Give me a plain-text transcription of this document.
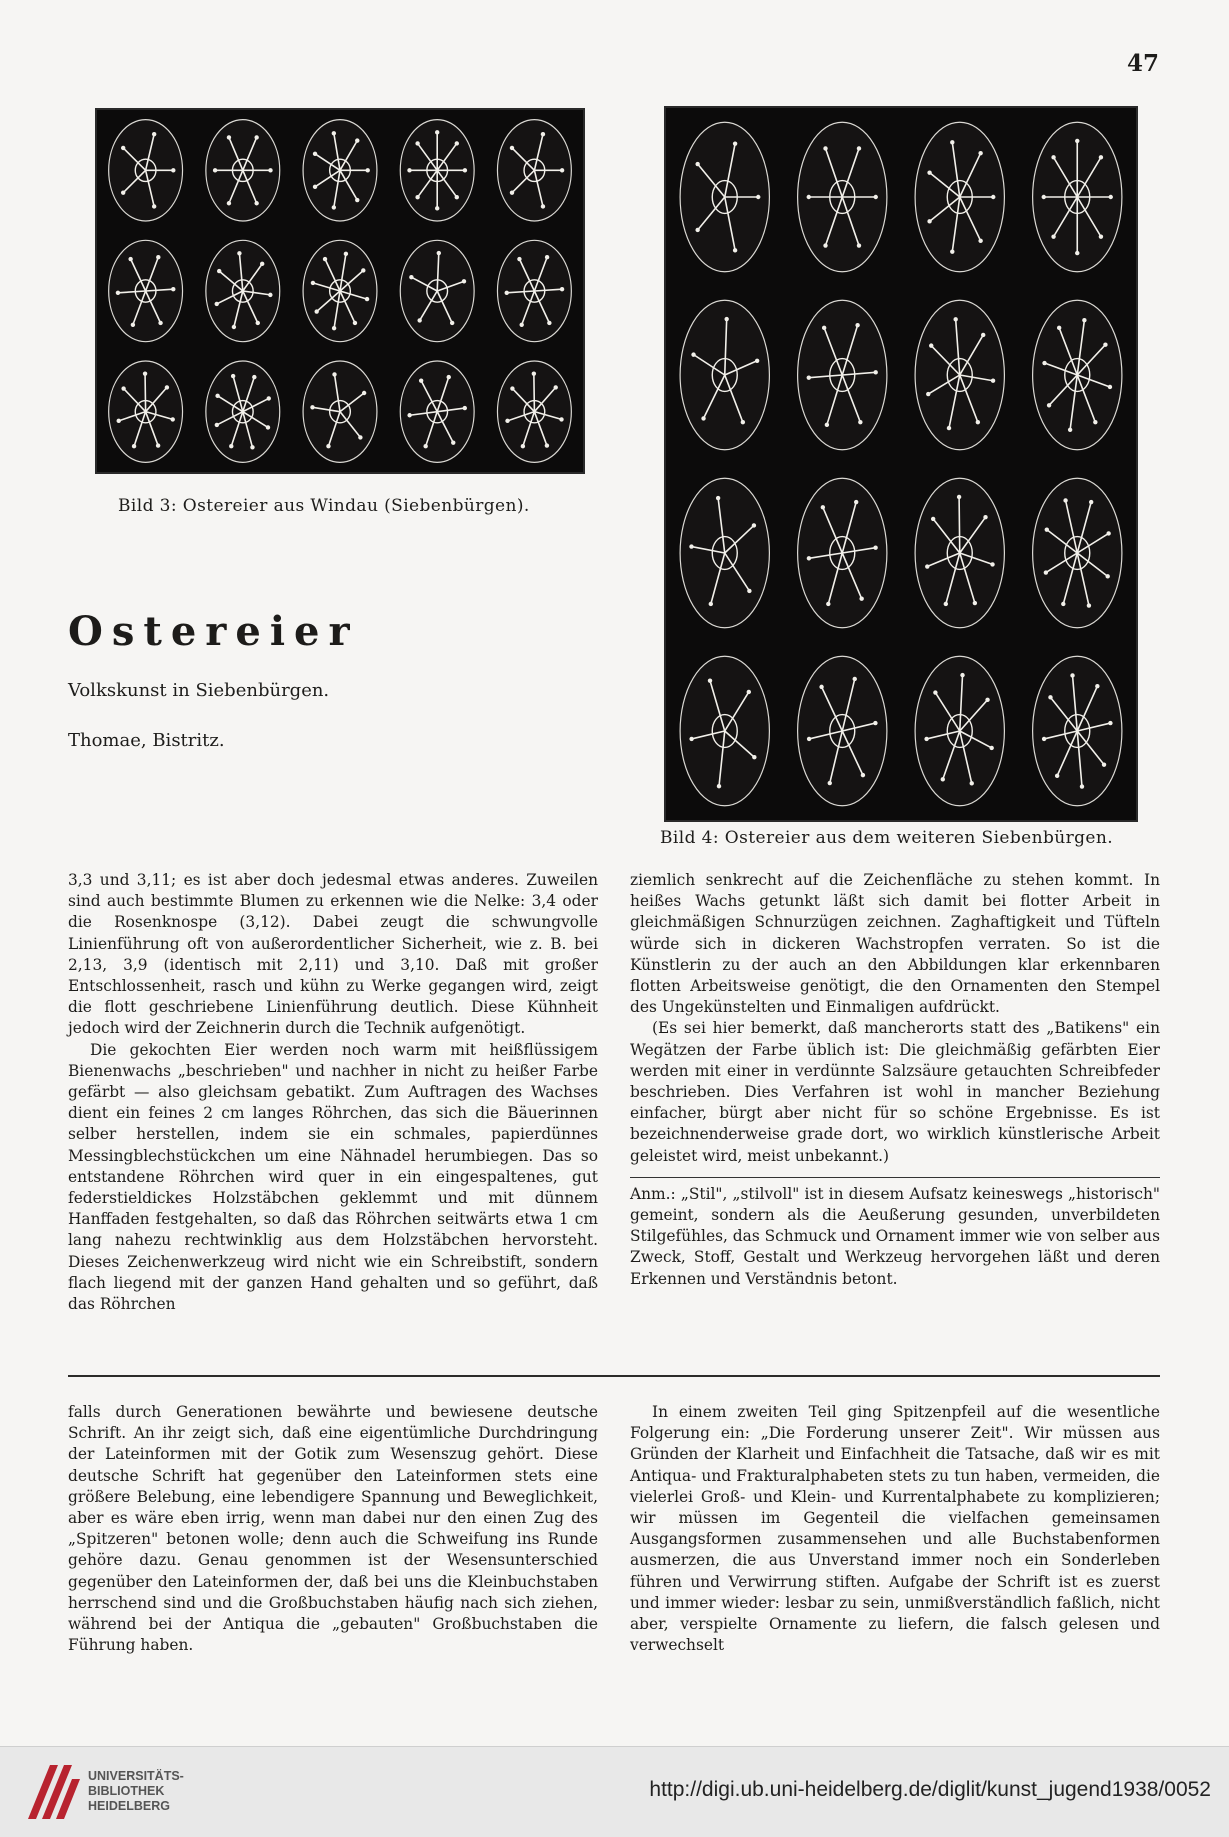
47
Bild 3: Ostereier aus Windau (Siebenbürgen).
Bild 4: Ostereier aus dem weiteren Siebenbürgen.
Ostereier
Volkskunst in Siebenbürgen.
Thomae, Bistritz.

3,3 und 3,11; es ist aber doch jedesmal etwas anderes. Zuweilen sind auch bestimmte Blumen zu erkennen wie die Nelke: 3,4 oder die Rosenknospe (3,12). Dabei zeugt die schwungvolle Linienführung oft von außerordentlicher Sicherheit, wie z. B. bei 2,13, 3,9 (identisch mit 2,11) und 3,10. Daß mit großer Entschlossenheit, rasch und kühn zu Werke gegangen wird, zeigt die flott geschriebene Linienführung deutlich. Diese Kühnheit jedoch wird der Zeichnerin durch die Technik aufgenötigt.

Die gekochten Eier werden noch warm mit heißflüssigem Bienenwachs „beschrieben" und nachher in nicht zu heißer Farbe gefärbt — also gleichsam gebatikt. Zum Auftragen des Wachses dient ein feines 2 cm langes Röhrchen, das sich die Bäuerinnen selber herstellen, indem sie ein schmales, papierdünnes Messingblechstückchen um eine Nähnadel herumbiegen. Das so entstandene Röhrchen wird quer in ein eingespaltenes, gut federstieldickes Holzstäbchen geklemmt und mit dünnem Hanffaden festgehalten, so daß das Röhrchen seitwärts etwa 1 cm lang nahezu rechtwinklig aus dem Holzstäbchen hervorsteht. Dieses Zeichenwerkzeug wird nicht wie ein Schreibstift, sondern flach liegend mit der ganzen Hand gehalten und so geführt, daß das Röhrchen

ziemlich senkrecht auf die Zeichenfläche zu stehen kommt. In heißes Wachs getunkt läßt sich damit bei flotter Arbeit in gleichmäßigen Schnurzügen zeichnen. Zaghaftigkeit und Tüfteln würde sich in dickeren Wachstropfen verraten. So ist die Künstlerin zu der auch an den Abbildungen klar erkennbaren flotten Arbeitsweise genötigt, die den Ornamenten den Stempel des Ungekünstelten und Einmaligen aufdrückt.

(Es sei hier bemerkt, daß mancherorts statt des „Batikens" ein Wegätzen der Farbe üblich ist: Die gleichmäßig gefärbten Eier werden mit einer in verdünnte Salzsäure getauchten Schreibfeder beschrieben. Dies Verfahren ist wohl in mancher Beziehung einfacher, bürgt aber nicht für so schöne Ergebnisse. Es ist bezeichnenderweise grade dort, wo wirklich künstlerische Arbeit geleistet wird, meist unbekannt.)

Anm.: „Stil", „stilvoll" ist in diesem Aufsatz keineswegs „historisch" gemeint, sondern als die Aeußerung gesunden, unverbildeten Stilgefühles, das Schmuck und Ornament immer wie von selber aus Zweck, Stoff, Gestalt und Werkzeug hervorgehen läßt und deren Erkennen und Verständnis betont.

falls durch Generationen bewährte und bewiesene deutsche Schrift. An ihr zeigt sich, daß eine eigentümliche Durchdringung der Lateinformen mit der Gotik zum Wesenszug gehört. Diese deutsche Schrift hat gegenüber den Lateinformen stets eine größere Belebung, eine lebendigere Spannung und Beweglichkeit, aber es wäre eben irrig, wenn man dabei nur den einen Zug des „Spitzeren" betonen wolle; denn auch die Schweifung ins Runde gehöre dazu. Genau genommen ist der Wesensunterschied gegenüber den Lateinformen der, daß bei uns die Kleinbuchstaben herrschend sind und die Großbuchstaben häufig nach sich ziehen, während bei der Antiqua die „gebauten" Großbuchstaben die Führung haben.

In einem zweiten Teil ging Spitzenpfeil auf die wesentliche Folgerung ein: „Die Forderung unserer Zeit". Wir müssen aus Gründen der Klarheit und Einfachheit die Tatsache, daß wir es mit Antiqua- und Frakturalphabeten stets zu tun haben, vermeiden, die vielerlei Groß- und Klein- und Kurrentalphabete zu komplizieren; wir müssen im Gegenteil die vielfachen gemeinsamen Ausgangsformen zusammensehen und alle Buchstabenformen ausmerzen, die aus Unverstand immer noch ein Sonderleben führen und Verwirrung stiften. Aufgabe der Schrift ist es zuerst und immer wieder: lesbar zu sein, unmißverständlich faßlich, nicht aber, verspielte Ornamente zu liefern, die falsch gelesen und verwechselt

UNIVERSITÄTS-
BIBLIOTHEK
HEIDELBERG
http://digi.ub.uni-heidelberg.de/diglit/kunst_jugend1938/0052
